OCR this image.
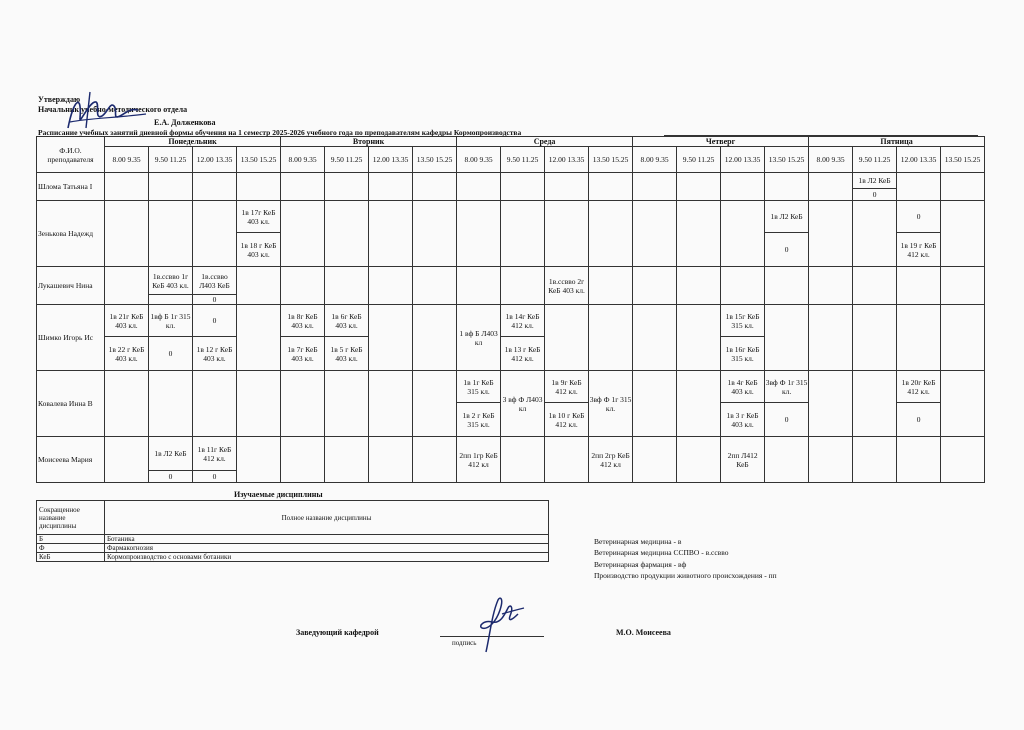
Утверждаю
Начальник учебно-методического отдела
Е.А. Долженкова
Расписание учебных занятий дневной формы обучения на 1 семестр 2025-2026 учебного года по преподавателям кафедры Кормопроизводства
Ф.И.О. преподавателя	Понедельник				Вторник				Среда				Четверг				Пятница			
	8.00 9.35	9.50 11.25	12.00 13.35	13.50 15.25	8.00 9.35	9.50 11.25	12.00 13.35	13.50 15.25	8.00 9.35	9.50 11.25	12.00 13.35	13.50 15.25	8.00 9.35	9.50 11.25	12.00 13.35	13.50 15.25	8.00 9.35	9.50 11.25	12.00 13.35	13.50 15.25
Шлома Татьяна I																		1в Л2 КеБ		
																		0		
Зенькова Надежд				1в 17г КеБ 403 кл.												1в Л2 КеБ			0	
				1в 18 г КеБ 403 кл.												0			1в 19 г КеБ 412 кл.	
Лукашевич Нина		1в.ссвво 1г КеБ 403 кл.	1в.ссвво Л403 КеБ								1в.ссвво 2г КеБ 403 кл.									
			0																	
Шимко Игорь Ис	1в 21г КеБ 403 кл.	1вф Б 1г 315 кл.	0		1в 8г КеБ 403 кл.	1в 6г КеБ 403 кл.			1 вф Б Л403 кл	1в 14г КеБ 412 кл.					1в 15г КеБ 315 кл.					
	1в 22 г КеБ 403 кл.	0	1в 12 г КеБ 403 кл.		1в 7г КеБ 403 кл.	1в 5 г КеБ 403 кл.				1в 13 г КеБ 412 кл.					1в 16г КеБ 315 кл.					
Ковалева Инна В									1в 1г КеБ 315 кл.	3 вф Ф Л403 кл	1в 9г КеБ 412 кл.	3вф Ф 1г 315 кл.			1в 4г КеБ 403 кл.	3вф Ф 1г 315 кл.			1в 20г КеБ 412 кл.	
									1в 2 г КеБ 315 кл.		1в 10 г КеБ 412 кл.				1в 3 г КеБ 403 кл.	0			0	
Моисеева Мария		1в Л2 КеБ	1в 11г КеБ 412 кл.						2пп 1гр КеБ 412 кл			2пп 2гр КеБ 412 кл			2пп Л412 КеБ					
		0	0																	
Изучаемые дисциплины
Сокращенное название дисциплины	Полное название дисциплины
Б	Ботаника
Ф	Фармакогнозия
КеБ	Кормопроизводство с основами ботаники
Ветеринарная медицина - в
Ветеринарная медицина ССПВО - в.ссвво
Ветеринарная фармация - вф
Производство продукции животного происхождения - пп
Заведующий кафедрой
подпись
М.О. Моисеева
